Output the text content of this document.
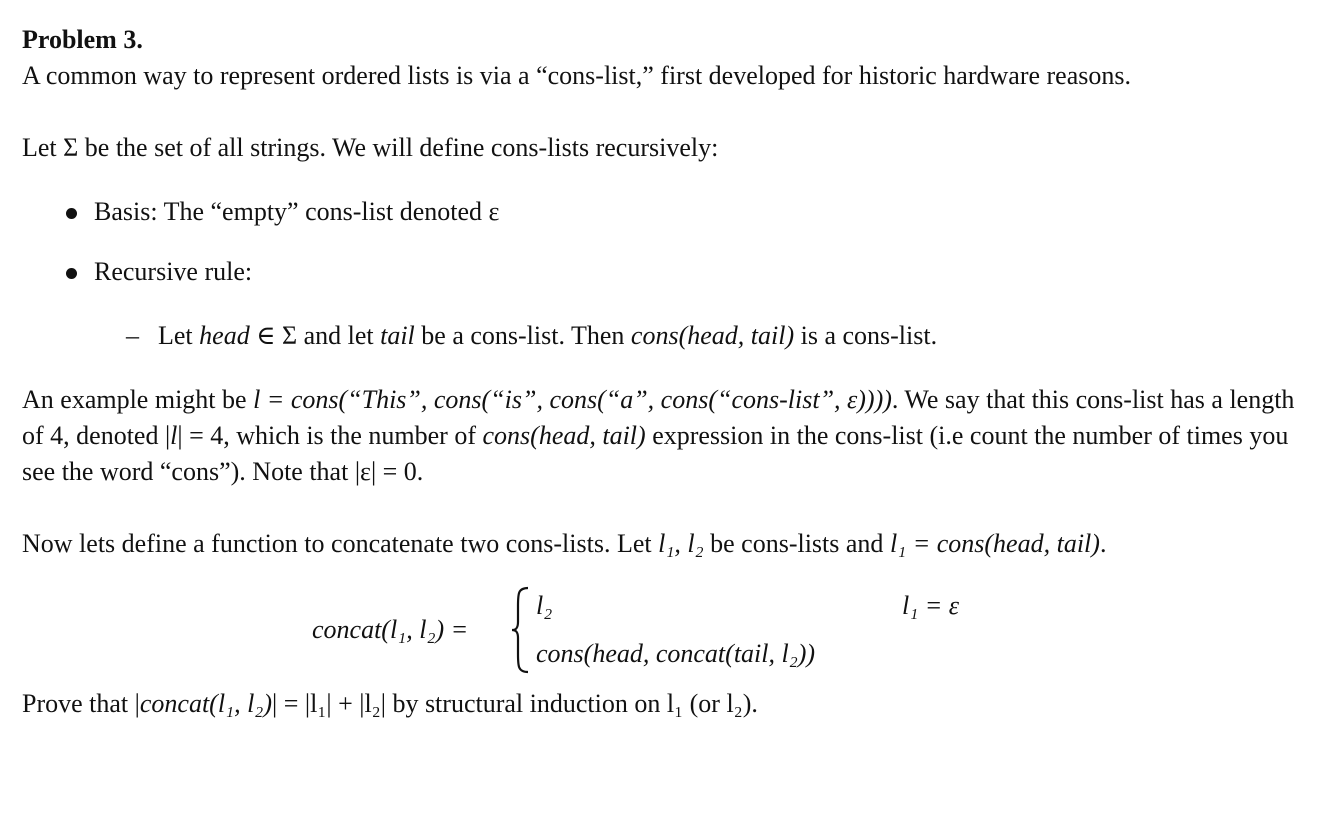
Problem 3.

A common way to represent ordered lists is via a “cons-list,” first developed for historic hardware reasons.

Let Σ be the set of all strings. We will define cons-lists recursively:

Basis: The “empty” cons-list denoted ε
Recursive rule:

– Let head ∈ Σ and let tail be a cons-list. Then cons(head, tail) is a cons-list.

An example might be l = cons(“This”, cons(“is”, cons(“a”, cons(“cons-list”, ε)))). We say that this cons-list has a length of 4, denoted |l| = 4, which is the number of cons(head, tail) expression in the cons-list (i.e count the number of times you see the word “cons”). Note that |ε| = 0.

Now lets define a function to concatenate two cons-lists. Let l₁, l₂ be cons-lists and l₁ = cons(head, tail).

concat(l₁, l₂) =
l₂	l₁ = ε
cons(head, concat(tail, l₂))

Prove that |concat(l₁, l₂)| = |l₁| + |l₂| by structural induction on l₁ (or l₂).
